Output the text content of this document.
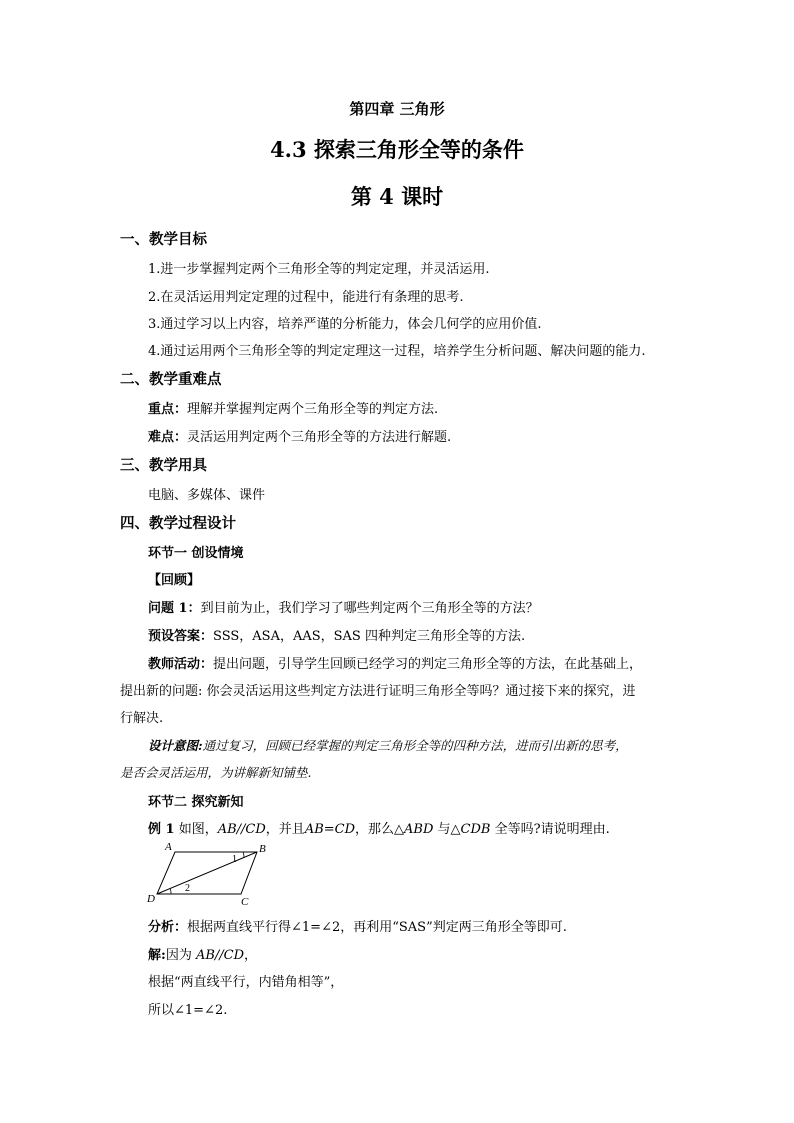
第四章 三角形
4.3 探索三角形全等的条件
第 4 课时
一、教学目标
1.进一步掌握判定两个三角形全等的判定定理，并灵活运用.
2.在灵活运用判定定理的过程中，能进行有条理的思考.
3.通过学习以上内容，培养严谨的分析能力，体会几何学的应用价值.
4.通过运用两个三角形全等的判定定理这一过程，培养学生分析问题、解决问题的能力.
二、教学重难点
重点：理解并掌握判定两个三角形全等的判定方法.
难点：灵活运用判定两个三角形全等的方法进行解题.
三、教学用具
电脑、多媒体、课件
四、教学过程设计
环节一 创设情境
【回顾】
问题 1：到目前为止，我们学习了哪些判定两个三角形全等的方法？
预设答案：SSS，ASA，AAS，SAS 四种判定三角形全等的方法.
教师活动：提出问题，引导学生回顾已经学习的判定三角形全等的方法，在此基础上，
提出新的问题: 你会灵活运用这些判定方法进行证明三角形全等吗？通过接下来的探究，进
行解决.
设计意图:通过复习，回顾已经掌握的判定三角形全等的四种方法，进而引出新的思考，
是否会灵活运用，为讲解新知铺垫.
环节二 探究新知
例 1 如图，AB//CD，并且AB=CD，那么△ABD 与△CDB 全等吗?请说明理由.
A	B
C
D
1
2
分析：根据两直线平行得∠1=∠2，再利用“SAS”判定两三角形全等即可.
解:因为 AB//CD，
根据“两直线平行，内错角相等”，
所以∠1=∠2.
